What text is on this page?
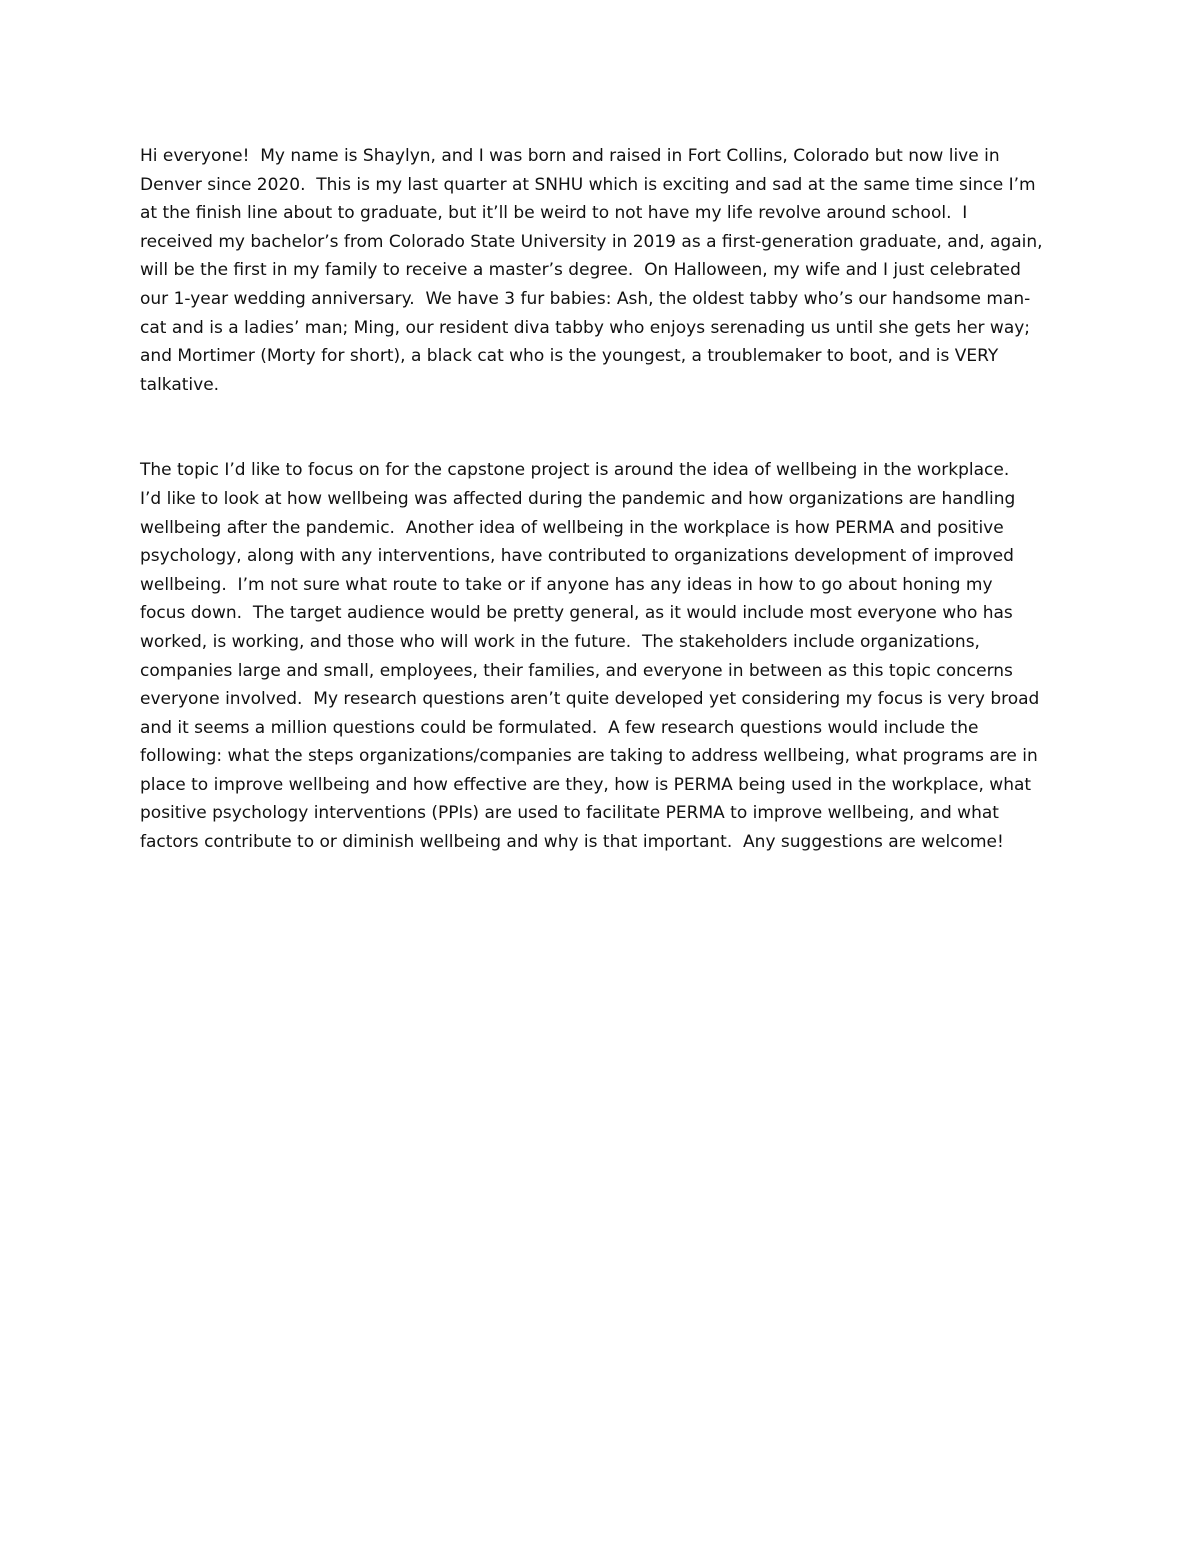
Hi everyone!  My name is Shaylyn, and I was born and raised in Fort Collins, Colorado but now live in
Denver since 2020.  This is my last quarter at SNHU which is exciting and sad at the same time since I’m
at the finish line about to graduate, but it’ll be weird to not have my life revolve around school.  I
received my bachelor’s from Colorado State University in 2019 as a first-generation graduate, and, again,
will be the first in my family to receive a master’s degree.  On Halloween, my wife and I just celebrated
our 1-year wedding anniversary.  We have 3 fur babies: Ash, the oldest tabby who’s our handsome man-
cat and is a ladies’ man; Ming, our resident diva tabby who enjoys serenading us until she gets her way;
and Mortimer (Morty for short), a black cat who is the youngest, a troublemaker to boot, and is VERY
talkative.
The topic I’d like to focus on for the capstone project is around the idea of wellbeing in the workplace.
I’d like to look at how wellbeing was affected during the pandemic and how organizations are handling
wellbeing after the pandemic.  Another idea of wellbeing in the workplace is how PERMA and positive
psychology, along with any interventions, have contributed to organizations development of improved
wellbeing.  I’m not sure what route to take or if anyone has any ideas in how to go about honing my
focus down.  The target audience would be pretty general, as it would include most everyone who has
worked, is working, and those who will work in the future.  The stakeholders include organizations,
companies large and small, employees, their families, and everyone in between as this topic concerns
everyone involved.  My research questions aren’t quite developed yet considering my focus is very broad
and it seems a million questions could be formulated.  A few research questions would include the
following: what the steps organizations/companies are taking to address wellbeing, what programs are in
place to improve wellbeing and how effective are they, how is PERMA being used in the workplace, what
positive psychology interventions (PPIs) are used to facilitate PERMA to improve wellbeing, and what
factors contribute to or diminish wellbeing and why is that important.  Any suggestions are welcome!
